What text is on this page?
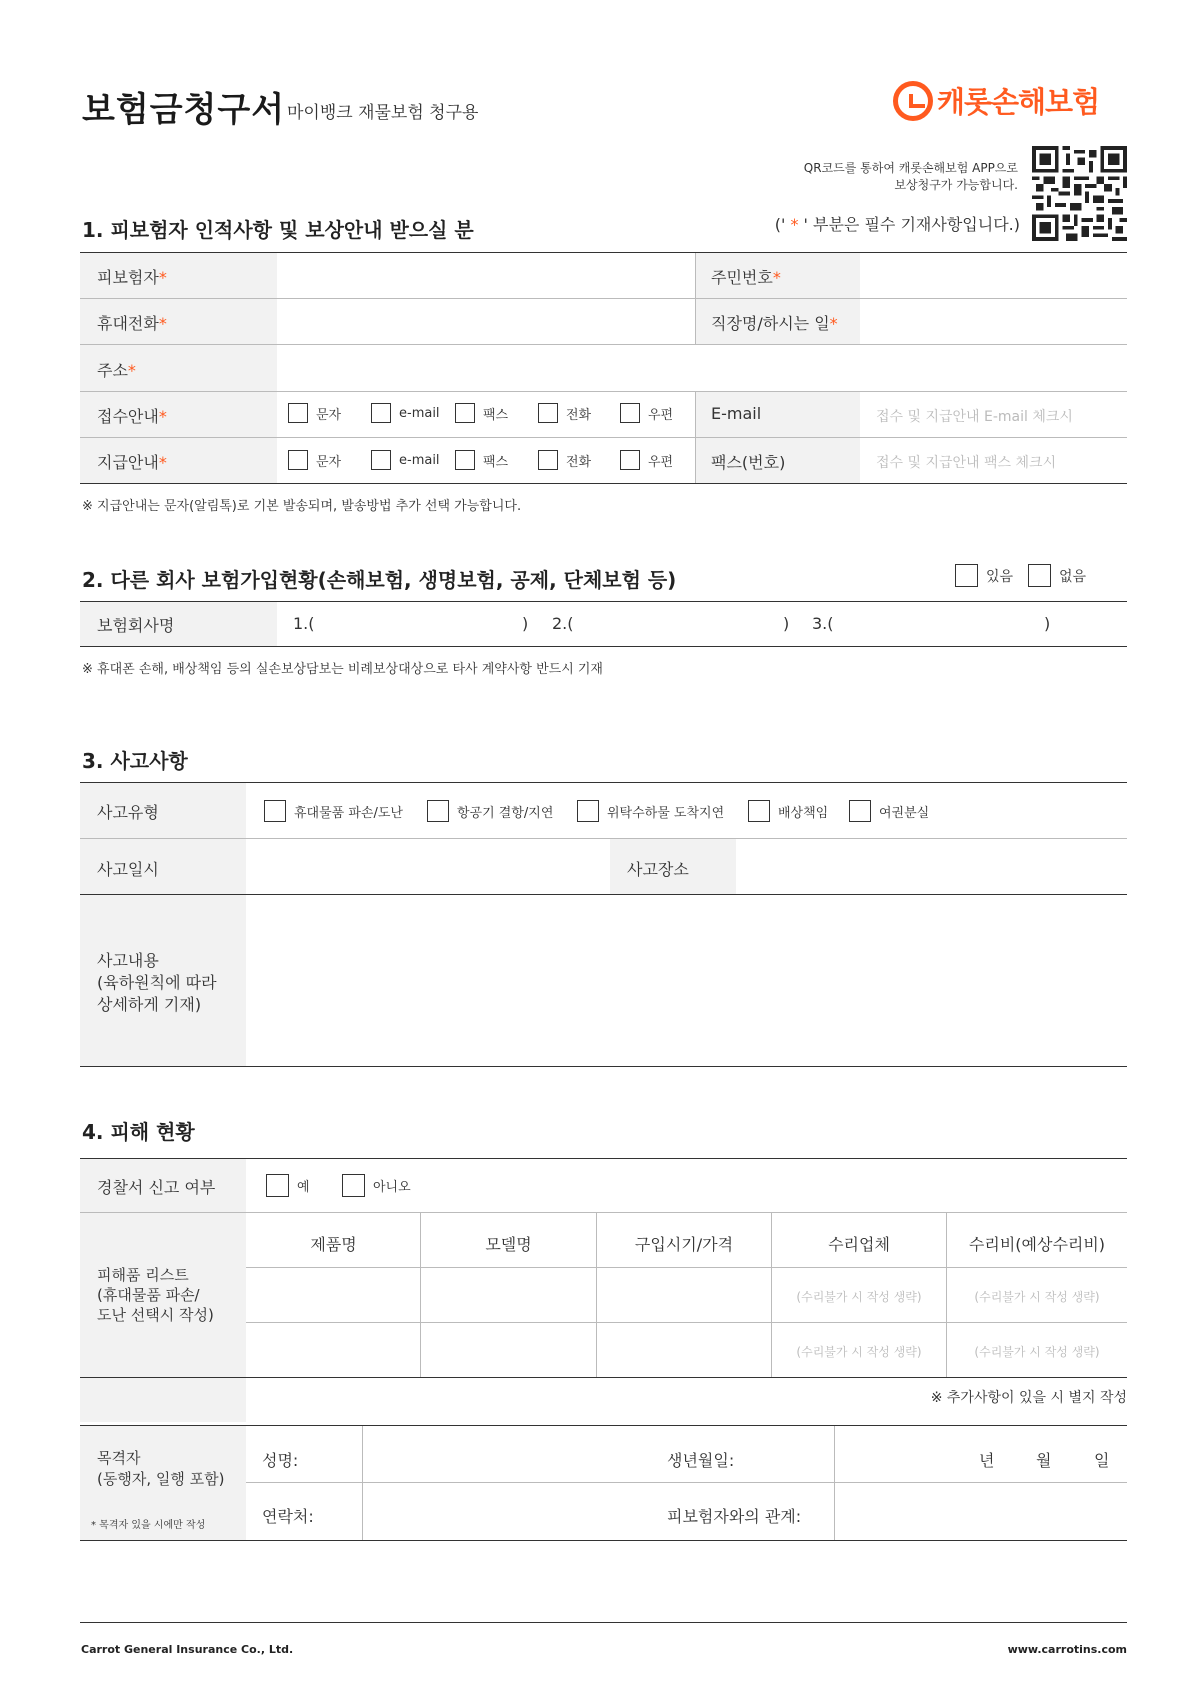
보험금청구서 마이뱅크 재물보험 청구용	캐롯손해보험
QR코드를 통하여 캐롯손해보험 APP으로
보상청구가 가능합니다.
1. 피보험자 인적사항 및 보상안내 받으실 분	(' * ' 부분은 필수 기재사항입니다.)
피보험자*	주민번호*
휴대전화*	직장명/하시는 일*
주소*
접수안내*	문자	e-mail	팩스	전화	우편 E-mail	접수 및 지급안내 E-mail 체크시
지급안내*	문자	e-mail	팩스	전화	우편 팩스(번호)	접수 및 지급안내 팩스 체크시
※ 지급안내는 문자(알림톡)로 기본 발송되며, 발송방법 추가 선택 가능합니다.
2. 다른 회사 보험가입현황(손해보험, 생명보험, 공제, 단체보험 등)	있음	없음
보험회사명	1.(	) 2.(	) 3.(	)
※ 휴대폰 손해, 배상책임 등의 실손보상담보는 비례보상대상으로 타사 계약사항 반드시 기재
3. 사고사항
사고유형	휴대물품 파손/도난	항공기 결항/지연	위탁수하물 도착지연	배상책임	여권분실
사고일시	사고장소
사고내용
(육하원칙에 따라
상세하게 기재)
4. 피해 현황
경찰서 신고 여부	예	아니오
피해품 리스트
(휴대물품 파손/
도난 선택시 작성)
제품명	모델명	구입시기/가격	수리업체	수리비(예상수리비)
(수리불가 시 작성 생략)	(수리불가 시 작성 생략)
(수리불가 시 작성 생략)	(수리불가 시 작성 생략)
※ 추가사항이 있을 시 별지 작성
목격자
(동행자, 일행 포함)
* 목격자 있을 시에만 작성
성명:	생년월일:	년	월	일
연락처:	피보험자와의 관계:
Carrot General Insurance Co., Ltd.	www.carrotins.com
